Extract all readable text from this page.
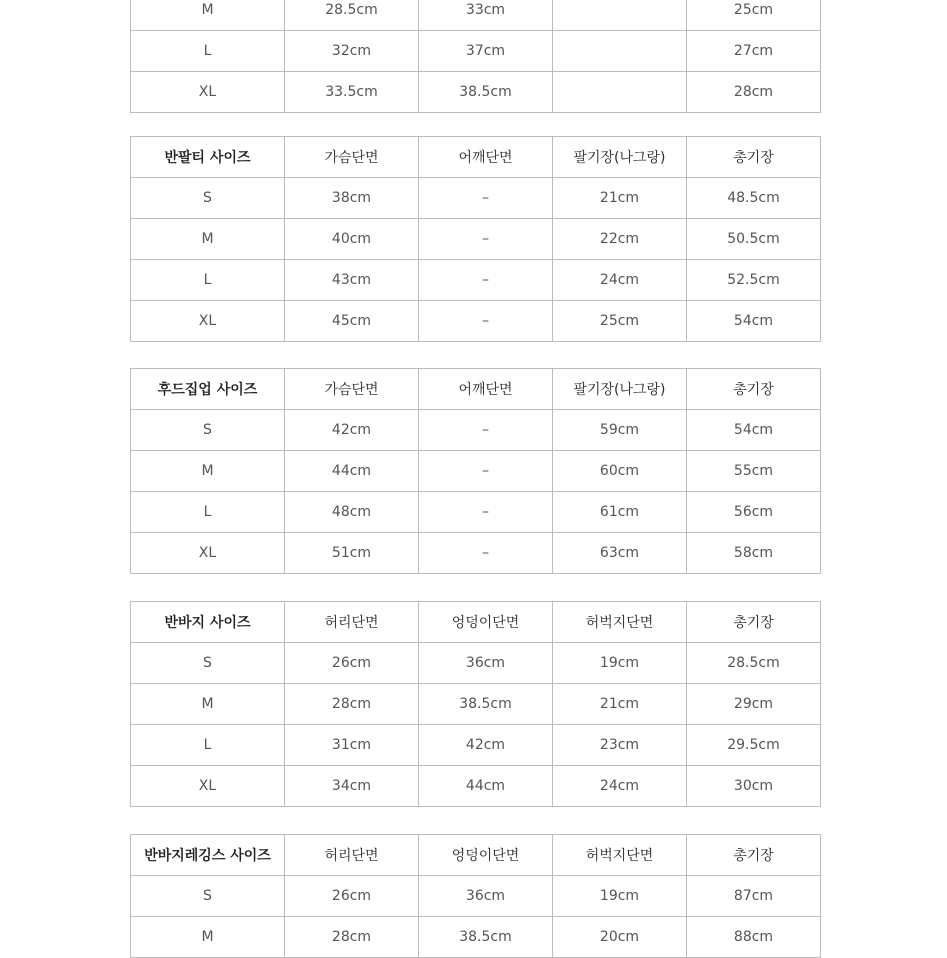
M	28.5cm	33cm		25cm
L	32cm	37cm		27cm
XL	33.5cm	38.5cm		28cm
반팔티 사이즈	가슴단면	어깨단면	팔기장(나그랑)	총기장
S	38cm	–	21cm	48.5cm
M	40cm	–	22cm	50.5cm
L	43cm	–	24cm	52.5cm
XL	45cm	–	25cm	54cm
후드집업 사이즈	가슴단면	어깨단면	팔기장(나그랑)	총기장
S	42cm	–	59cm	54cm
M	44cm	–	60cm	55cm
L	48cm	–	61cm	56cm
XL	51cm	–	63cm	58cm
반바지 사이즈	허리단면	엉덩이단면	허벅지단면	총기장
S	26cm	36cm	19cm	28.5cm
M	28cm	38.5cm	21cm	29cm
L	31cm	42cm	23cm	29.5cm
XL	34cm	44cm	24cm	30cm
반바지레깅스 사이즈	허리단면	엉덩이단면	허벅지단면	총기장
S	26cm	36cm	19cm	87cm
M	28cm	38.5cm	20cm	88cm
